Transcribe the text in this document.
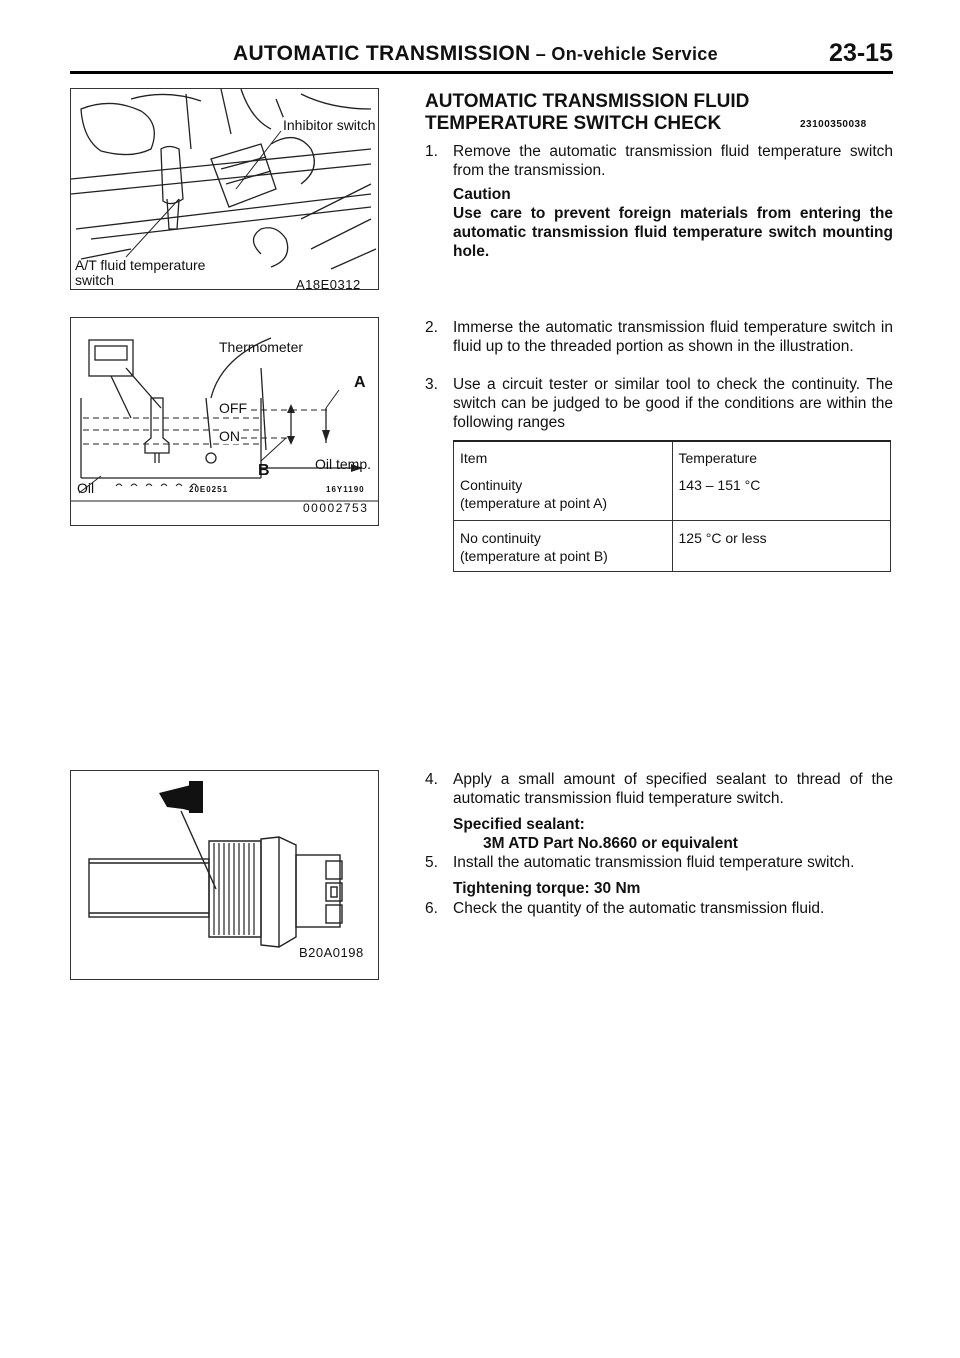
AUTOMATIC TRANSMISSION – On-vehicle Service	23-15
Inhibitor switch
A/T fluid temperature
switch	A18E0312
Thermometer
A
OFF
ON
B	Oil temp.
Oil	20E0251	16Y1190
00002753
B20A0198
AUTOMATIC TRANSMISSION FLUID
TEMPERATURE SWITCH CHECK	23100350038
1. Remove the automatic transmission fluid temperature switch from the transmission.
Caution
Use care to prevent foreign materials from entering the automatic transmission fluid temperature switch mounting hole.
2. Immerse the automatic transmission fluid temperature switch in fluid up to the threaded portion as shown in the illustration.
3. Use a circuit tester or similar tool to check the continuity. The switch can be judged to be good if the conditions are within the following ranges
Item	Temperature

Continuity
(temperature at point A)	143 – 151 °C

No continuity
(temperature at point B)	125 °C or less
4. Apply a small amount of specified sealant to thread of the automatic transmission fluid temperature switch.
Specified sealant:
3M ATD Part No.8660 or equivalent
5. Install the automatic transmission fluid temperature switch.
Tightening torque: 30 Nm
6. Check the quantity of the automatic transmission fluid.
